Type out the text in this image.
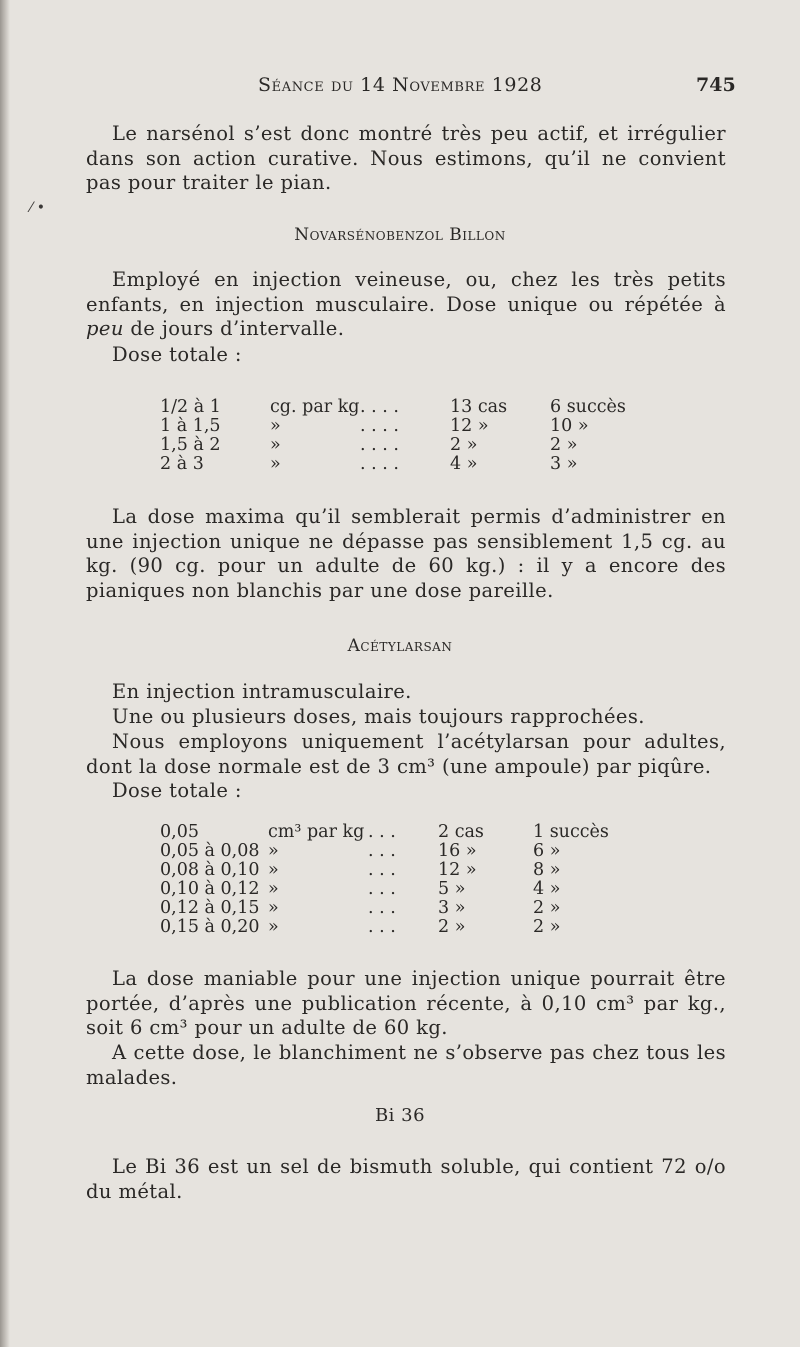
Séance du 14 Novembre 1928	745

Le narsénol s’est donc montré très peu actif, et irrégulier dans son action curative. Nous estimons, qu’il ne convient pas pour traiter le pian.

⁄ •

Novarsénobenzol Billon

Employé en injection veineuse, ou, chez les très petits enfants, en injection musculaire. Dose unique ou répétée à peu de jours d’intervalle.

Dose totale :

1/2 à 1	cg. par kg	. . . .	13 cas	6 succès
1 à 1,5	»	. . . .	12 »	10 »
1,5 à 2	»	. . . .	2 »	2 »
2 à 3	»	. . . .	4 »	3 »

La dose maxima qu’il semblerait permis d’administrer en une injection unique ne dépasse pas sensiblement 1,5 cg. au kg. (90 cg. pour un adulte de 60 kg.) : il y a encore des pianiques non blanchis par une dose pareille.

Acétylarsan

En injection intramusculaire.

Une ou plusieurs doses, mais toujours rapprochées.

Nous employons uniquement l’acétylarsan pour adultes, dont la dose normale est de 3 cm³ (une ampoule) par piqûre.

Dose totale :

0,05	cm³ par kg	. . .	2 cas	1 succès
0,05 à 0,08	»	. . .	16 »	6 »
0,08 à 0,10	»	. . .	12 »	8 »
0,10 à 0,12	»	. . .	5 »	4 »
0,12 à 0,15	»	. . .	3 »	2 »
0,15 à 0,20	»	. . .	2 »	2 »

La dose maniable pour une injection unique pourrait être portée, d’après une publication récente, à 0,10 cm³ par kg., soit 6 cm³ pour un adulte de 60 kg.

A cette dose, le blanchiment ne s’observe pas chez tous les malades.

Bi 36

Le Bi 36 est un sel de bismuth soluble, qui contient 72 o/o du métal.
